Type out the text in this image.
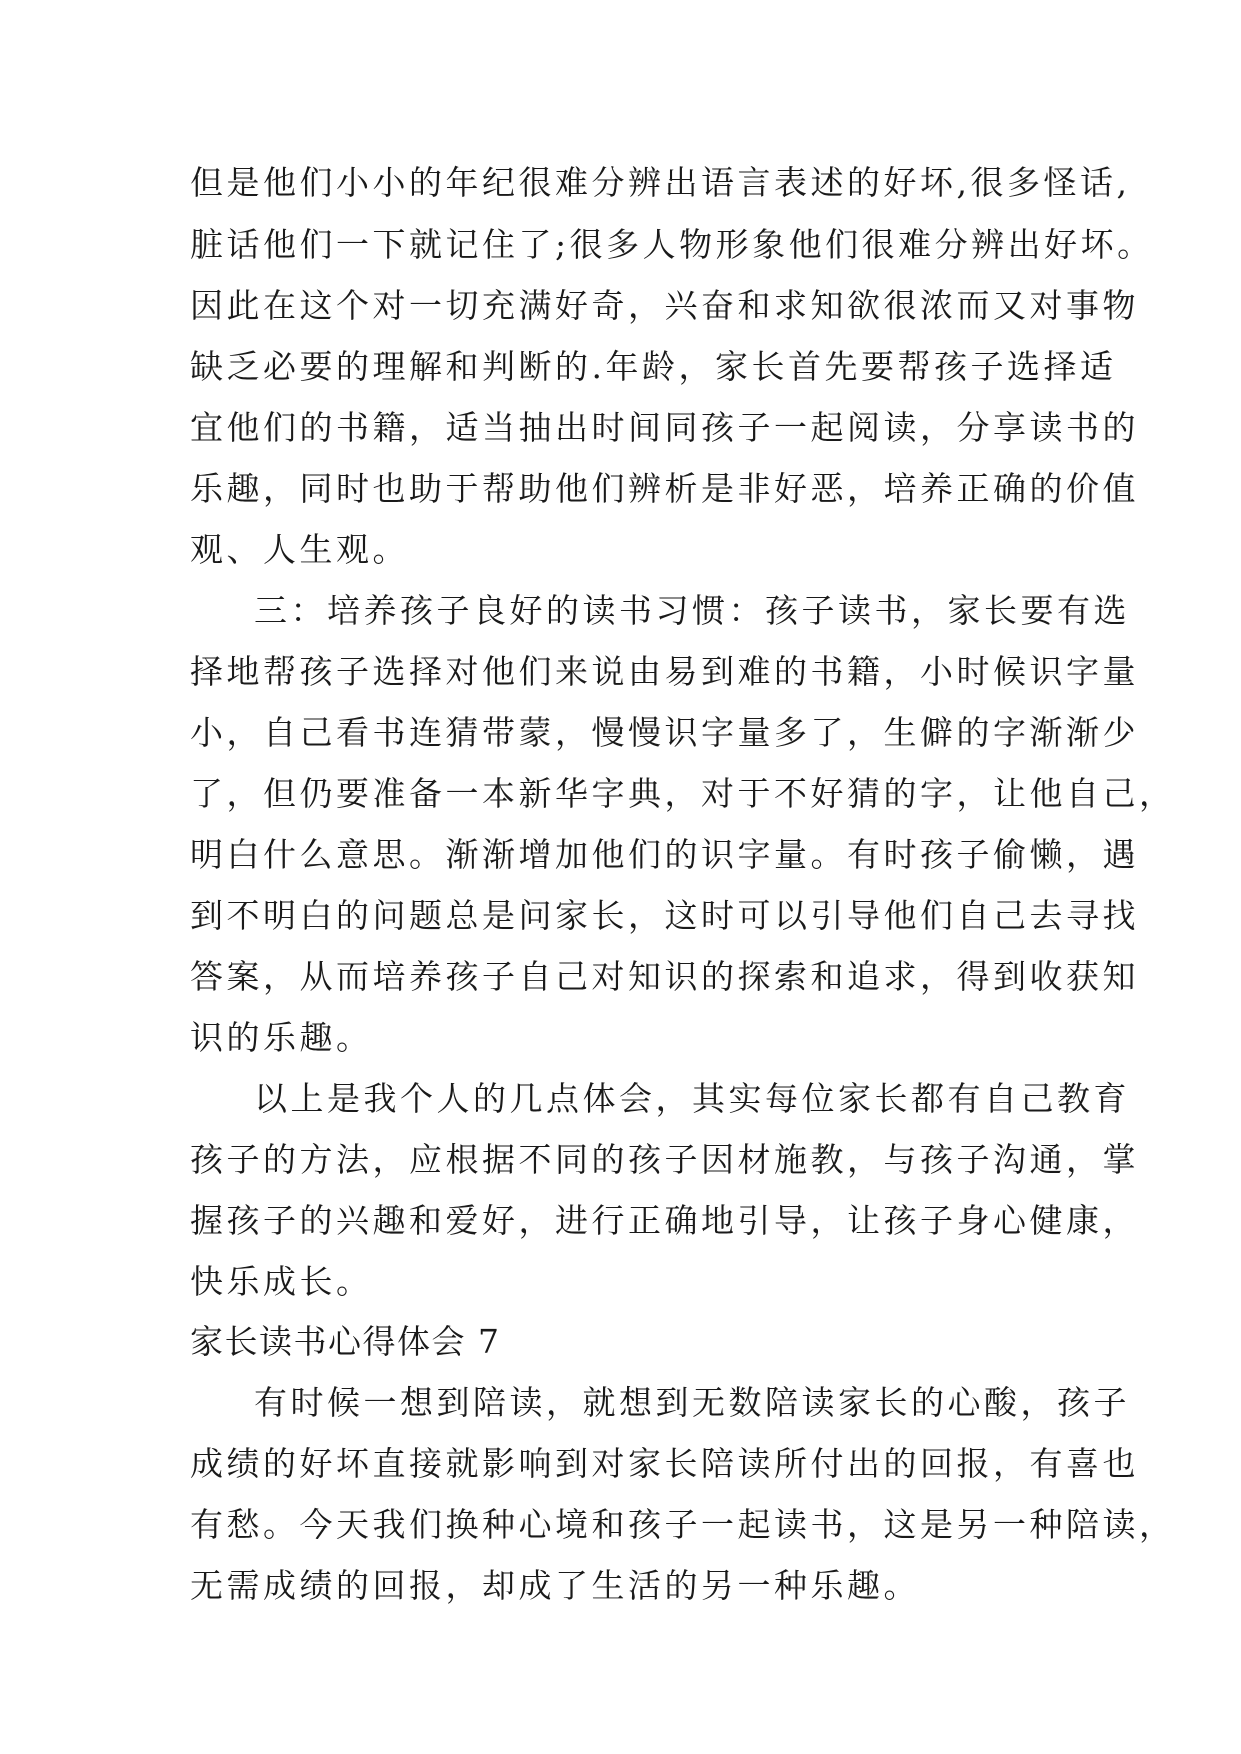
但是他们小小的年纪很难分辨出语言表述的好坏,很多怪话,
脏话他们一下就记住了;很多人物形象他们很难分辨出好坏。
因此在这个对一切充满好奇，兴奋和求知欲很浓而又对事物
缺乏必要的理解和判断的.年龄，家长首先要帮孩子选择适
宜他们的书籍，适当抽出时间同孩子一起阅读，分享读书的
乐趣，同时也助于帮助他们辨析是非好恶，培养正确的价值
观、人生观。
三：培养孩子良好的读书习惯：孩子读书，家长要有选
择地帮孩子选择对他们来说由易到难的书籍，小时候识字量
小，自己看书连猜带蒙，慢慢识字量多了，生僻的字渐渐少
了，但仍要准备一本新华字典，对于不好猜的字，让他自己，
明白什么意思。渐渐增加他们的识字量。有时孩子偷懒，遇
到不明白的问题总是问家长，这时可以引导他们自己去寻找
答案，从而培养孩子自己对知识的探索和追求，得到收获知
识的乐趣。
以上是我个人的几点体会，其实每位家长都有自己教育
孩子的方法，应根据不同的孩子因材施教，与孩子沟通，掌
握孩子的兴趣和爱好，进行正确地引导，让孩子身心健康，
快乐成长。
家长读书心得体会 7
有时候一想到陪读，就想到无数陪读家长的心酸，孩子
成绩的好坏直接就影响到对家长陪读所付出的回报，有喜也
有愁。今天我们换种心境和孩子一起读书，这是另一种陪读，
无需成绩的回报，却成了生活的另一种乐趣。
